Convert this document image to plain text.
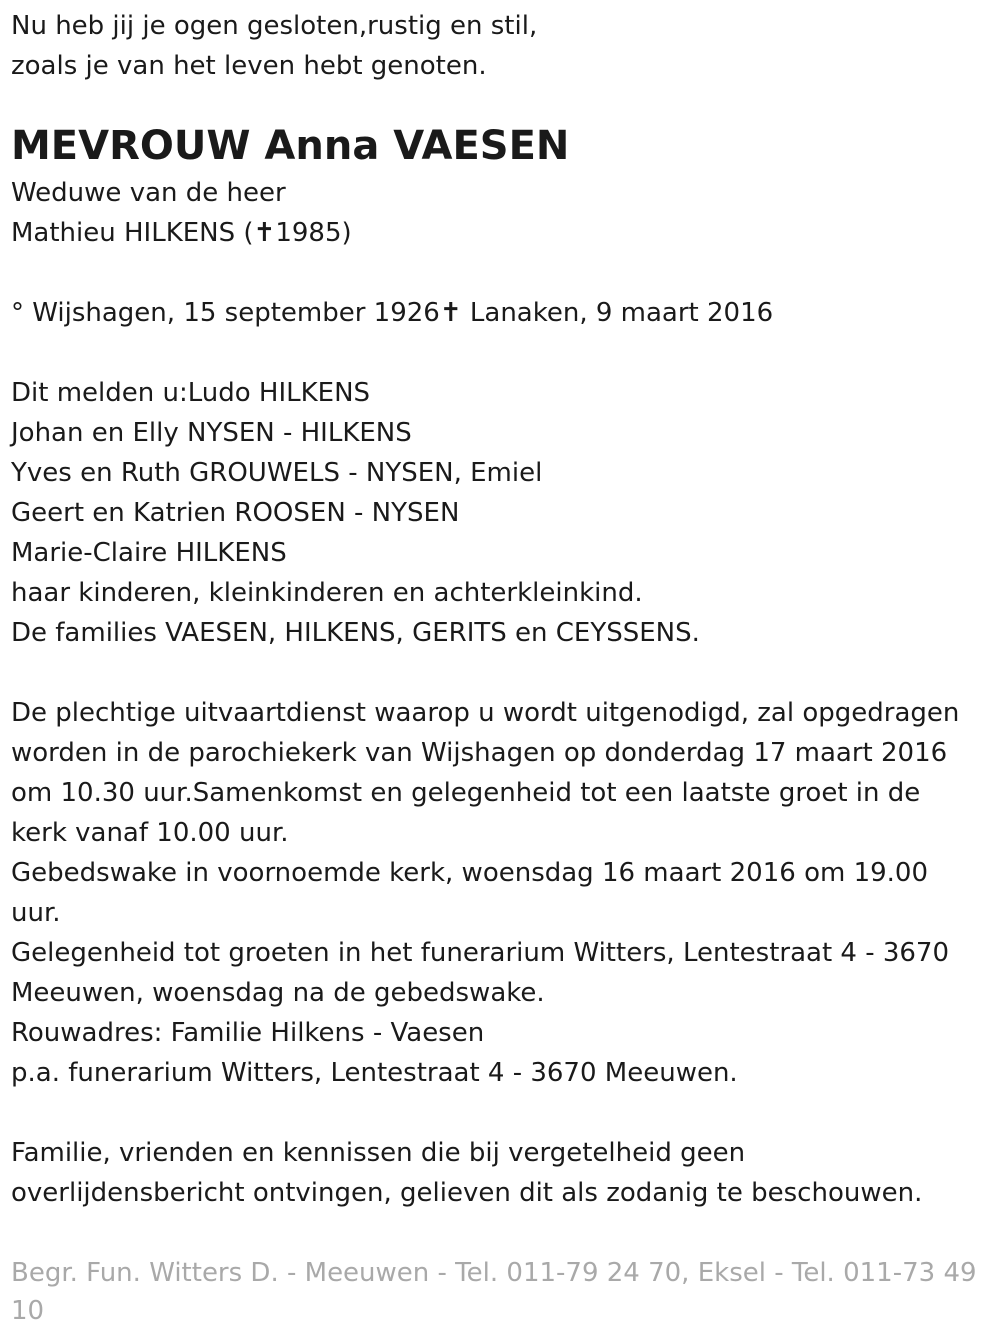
Nu heb jij je ogen gesloten,rustig en stil,
zoals je van het leven hebt genoten.
MEVROUW Anna VAESEN
Weduwe van de heer
Mathieu HILKENS (✝1985)
° Wijshagen, 15 september 1926✝ Lanaken, 9 maart 2016
Dit melden u:Ludo HILKENS
Johan en Elly NYSEN - HILKENS
Yves en Ruth GROUWELS - NYSEN, Emiel
Geert en Katrien ROOSEN - NYSEN
Marie-Claire HILKENS
haar kinderen, kleinkinderen en achterkleinkind.
De families VAESEN, HILKENS, GERITS en CEYSSENS.
De plechtige uitvaartdienst waarop u wordt uitgenodigd, zal opgedragen
worden in de parochiekerk van Wijshagen op donderdag 17 maart 2016
om 10.30 uur.Samenkomst en gelegenheid tot een laatste groet in de
kerk vanaf 10.00 uur.
Gebedswake in voornoemde kerk, woensdag 16 maart 2016 om 19.00
uur.
Gelegenheid tot groeten in het funerarium Witters, Lentestraat 4 - 3670
Meeuwen, woensdag na de gebedswake.
Rouwadres: Familie Hilkens - Vaesen
p.a. funerarium Witters, Lentestraat 4 - 3670 Meeuwen.
Familie, vrienden en kennissen die bij vergetelheid geen
overlijdensbericht ontvingen, gelieven dit als zodanig te beschouwen.
Begr. Fun. Witters D. - Meeuwen - Tel. 011-79 24 70, Eksel - Tel. 011-73 49
10
